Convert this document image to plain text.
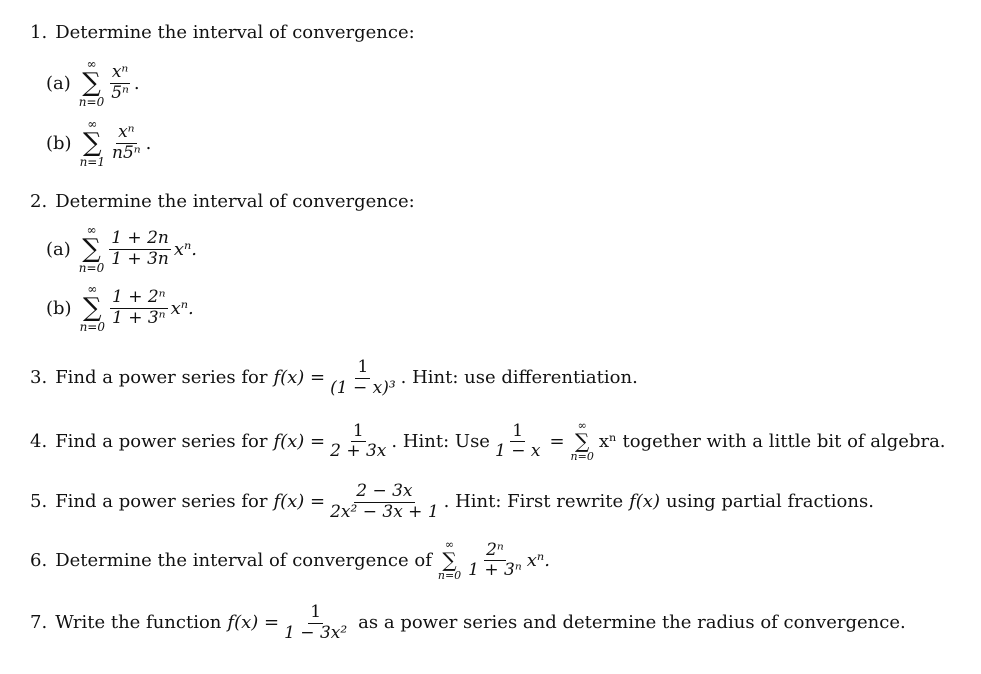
1. Determine the interval of convergence:
(a)
∞
∑
$n=0 \frac{\text{xⁿ}}{\text{5ⁿ}}$ .
(b)
∞
∑
$n=1 \frac{\text{xⁿ}}{\text{n5ⁿ}}$ .
2. Determine the interval of convergence:
(a)
∞
∑
$n=0 \frac{1 + 2n}{1 + 3n} x^n$.
(b)
∞
∑
$n=0 \frac{\text{1 + 2ⁿ}}{\text{1 + 3ⁿ}} x^n$.
3. Find a power series for $f(x) = \frac{1}{\text{(1 − x)³}}$ . Hint: use differentiation.
4. Find a power series for $f(x) = \frac{1}{2 + 3x}$ . Hint: Use $\frac{1}{1 - x}$ =
∞
∑
n=0
xⁿ together with a little bit of algebra.
5. Find a power series for $f(x) = \frac{2 - 3x}{\text{2x² − 3x + 1}}$ . Hint: First rewrite f(x) using partial fractions.
6. Determine the interval of convergence of
∞
∑
$n=0 \frac{\text{2ⁿ}}{\text{1 + 3ⁿ}} x^n$.
7. Write the function $f(x) = \frac{1}{\text{1 − 3x²}}$ as a power series and determine the radius of convergence.
